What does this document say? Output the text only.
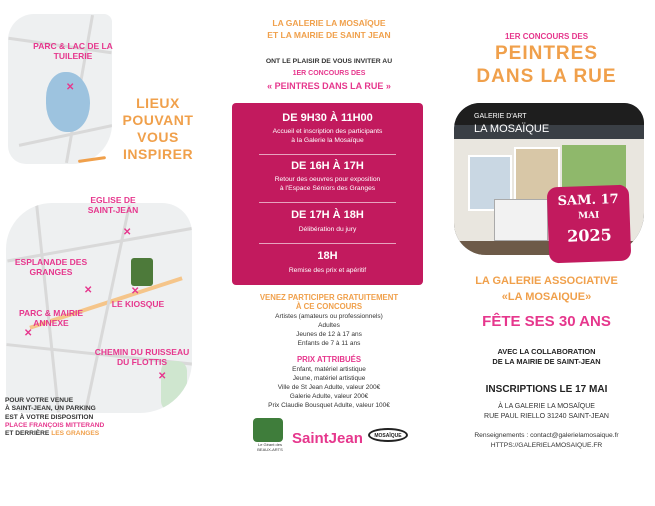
✕
PARC & LAC DE LA TUILERIE
LIEUX
POUVANT
VOUS
INSPIRER
✕
✕	✕
✕
✕
EGLISE DE SAINT-JEAN
ESPLANADE DES GRANGES
LE KIOSQUE
PARC & MAIRIE ANNEXE
CHEMIN DU RUISSEAU DU FLOTTIS
POUR VOTRE VENUE
À SAINT-JEAN, UN PARKING
EST À VOTRE DISPOSITION
PLACE FRANÇOIS MITTERAND
ET DERRIÈRE LES GRANGES
LA GALERIE LA MOSAÏQUE
ET LA MAIRIE DE SAINT JEAN
ONT LE PLAISIR DE VOUS INVITER AU
1ER CONCOURS DES
« PEINTRES DANS LA RUE »
DE 9H30 À 11H00
Accueil et inscription des participants
à la Galerie la Mosaïque
DE 16H À 17H
Retour des oeuvres pour exposition
à l'Espace Séniors des Granges
DE 17H À 18H
Délibération du jury
18H
Remise des prix et apéritif
VENEZ PARTICIPER GRATUITEMENT
À CE CONCOURS
Artistes (amateurs ou professionnels)
Adultes
Jeunes de 12 à 17 ans
Enfants de 7 à 11 ans
PRIX ATTRIBUÉS
Enfant, matériel artistique
Jeune, matériel artistique
Ville de St Jean Adulte, valeur 200€
Galerie Adulte, valeur 200€
Prix Claudie Bousquet Adulte, valeur 100€
Le Géant des BEAUX-ARTS
SaintJean	MOSAÏQUE
1ER CONCOURS DES
PEINTRES
DANS LA RUE
GALERIE D'ART
LA MOSAÏQUE
SAM. 17
MAI
2025
LA GALERIE ASSOCIATIVE
«LA MOSAIQUE»
FÊTE SES 30 ANS
AVEC LA COLLABORATION
DE LA MAIRIE DE SAINT-JEAN
INSCRIPTIONS LE 17 MAI
À LA GALERIE LA MOSAÏQUE
RUE PAUL RIELLO 31240 SAINT-JEAN
Renseignements : contact@galerielamosaique.fr
HTTPS://GALERIELAMOSAIQUE.FR
